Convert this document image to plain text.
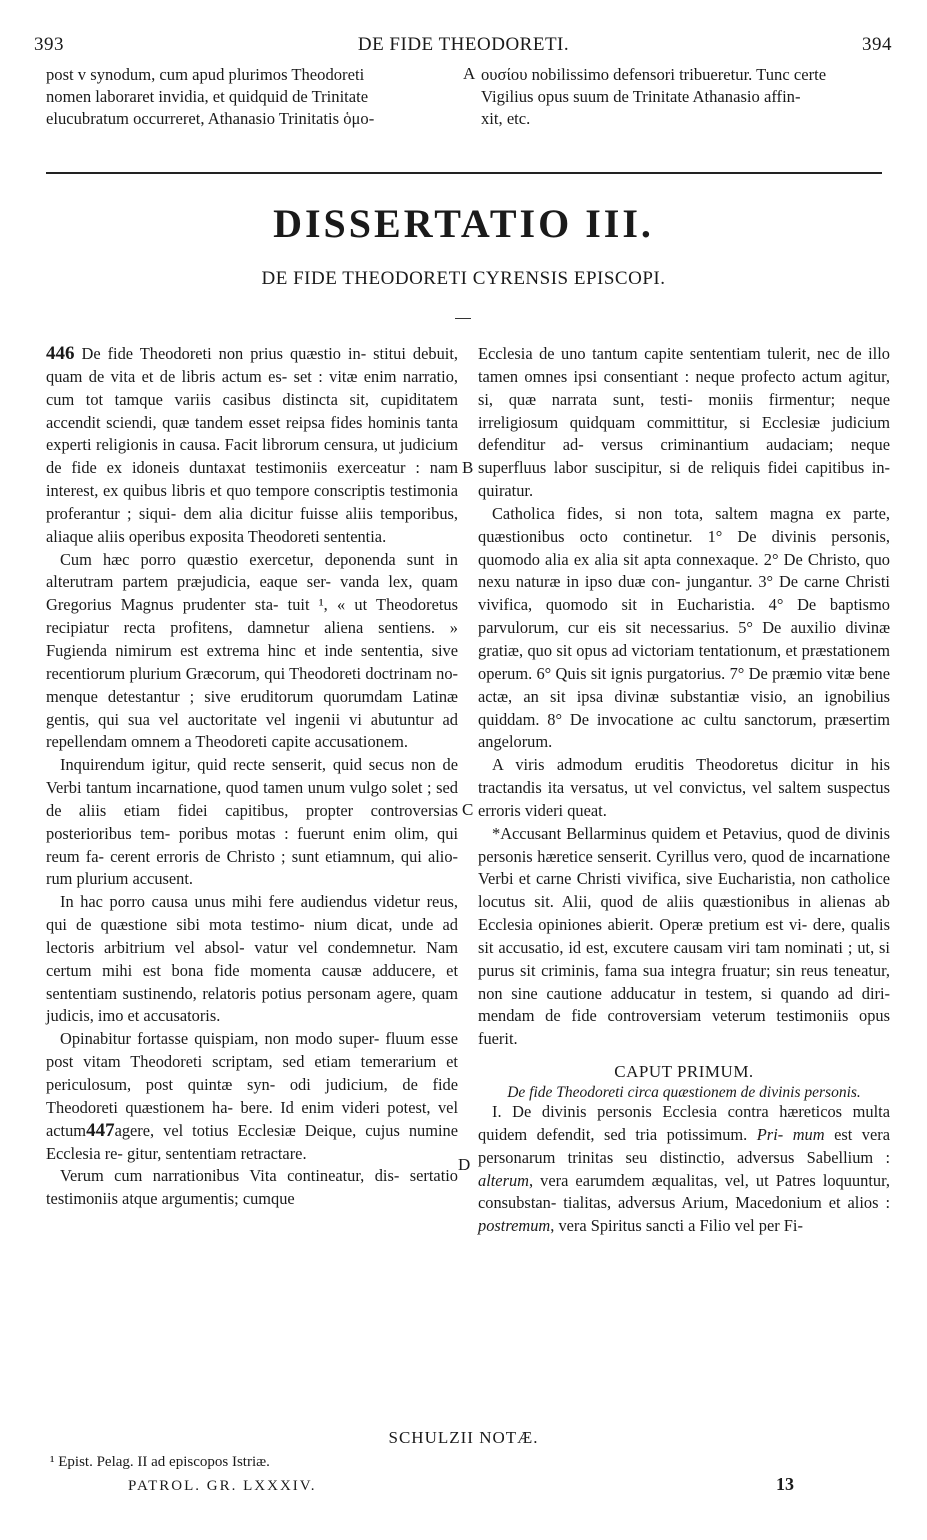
393	DE FIDE THEODORETI.	394

post v synodum, cum apud plurimos Theodoreti

nomen laboraret invidia, et quidquid de Trinitate

elucubratum occurreret, Athanasio Trinitatis ὁμο-

A ουσίου nobilissimo defensori tribueretur. Tunc certe

Vigilius opus suum de Trinitate Athanasio affin-

xit, etc.

DISSERTATIO III.
DE FIDE THEODORETI CYRENSIS EPISCOPI.

446 De fide Theodoreti non prius quæstio in- stitui debuit, quam de vita et de libris actum es- set : vitæ enim narratio, cum tot tamque variis casibus distincta sit, cupiditatem accendit sciendi, quæ tandem esset reipsa fides hominis tanta experti religionis in causa. Facit librorum censura, ut judicium de fide ex idoneis duntaxat testimoniis exerceatur : nam interest, ex quibus libris et quo tempore conscriptis testimonia proferantur ; siqui- dem alia dicitur fuisse aliis temporibus, aliaque aliis operibus exposita Theodoreti sententia.

Cum hæc porro quæstio exercetur, deponenda sunt in alterutram partem præjudicia, eaque ser- vanda lex, quam Gregorius Magnus prudenter sta- tuit ¹, « ut Theodoretus recipiatur recta profitens, damnetur aliena sentiens. » Fugienda nimirum est extrema hinc et inde sententia, sive recentiorum plurium Græcorum, qui Theodoreti doctrinam no- menque detestantur ; sive eruditorum quorumdam Latinæ gentis, qui sua vel auctoritate vel ingenii vi abutuntur ad repellendam omnem a Theodoreti capite accusationem.

Inquirendum igitur, quid recte senserit, quid secus non de Verbi tantum incarnatione, quod tamen unum vulgo solet ; sed de aliis etiam fidei capitibus, propter controversias posterioribus tem- poribus motas : fuerunt enim olim, qui reum fa- cerent erroris de Christo ; sunt etiamnum, qui alio- rum plurium accusent.

In hac porro causa unus mihi fere audiendus videtur reus, qui de quæstione sibi mota testimo- nium dicat, unde ad lectoris arbitrium vel absol- vatur vel condemnetur. Nam certum mihi est bona fide momenta causæ adducere, et sententiam sustinendo, relatoris potius personam agere, quam judicis, imo et accusatoris.

Opinabitur fortasse quispiam, non modo super- fluum esse post vitam Theodoreti scriptam, sed etiam temerarium et periculosum, post quintæ syn- odi judicium, de fide Theodoreti quæstionem ha- bere. Id enim videri potest, vel actum447agere, vel totius Ecclesiæ Deique, cujus numine Ecclesia re- gitur, sententiam retractare.

Verum cum narrationibus Vita contineatur, dis- sertatio testimoniis atque argumentis; cumque

B
C
D

Ecclesia de uno tantum capite sententiam tulerit, nec de illo tamen omnes ipsi consentiant : neque profecto actum agitur, si, quæ narrata sunt, testi- moniis firmentur; neque irreligiosum quidquam committitur, si Ecclesiæ judicium defenditur ad- versus criminantium audaciam; neque superfluus labor suscipitur, si de reliquis fidei capitibus in- quiratur.

Catholica fides, si non tota, saltem magna ex parte, quæstionibus octo continetur. 1° De divinis personis, quomodo alia ex alia sit apta connexaque. 2° De Christo, quo nexu naturæ in ipso duæ con- jungantur. 3° De carne Christi vivifica, quomodo sit in Eucharistia. 4° De baptismo parvulorum, cur eis sit necessarius. 5° De auxilio divinæ gratiæ, quo sit opus ad victoriam tentationum, et præstationem operum. 6° Quis sit ignis purgatorius. 7° De præmio vitæ bene actæ, an sit ipsa divinæ substantiæ visio, an ignobilius quiddam. 8° De invocatione ac cultu sanctorum, præsertim angelorum.

A viris admodum eruditis Theodoretus dicitur in his tractandis ita versatus, ut vel convictus, vel saltem suspectus erroris videri queat.

*Accusant Bellarminus quidem et Petavius, quod de divinis personis hæretice senserit. Cyrillus vero, quod de incarnatione Verbi et carne Christi vivifica, sive Eucharistia, non catholice locutus sit. Alii, quod de aliis quæstionibus in alienas ab Ecclesia opiniones abierit. Operæ pretium est vi- dere, qualis sit accusatio, id est, excutere causam viri tam nominati ; ut, si purus sit criminis, fama sua integra fruatur; sin reus teneatur, non sine cautione adducatur in testem, si quando ad diri- mendam de fide controversiam veterum testimoniis opus fuerit.

CAPUT PRIMUM.

De fide Theodoreti circa quæstionem de divinis personis.

I. De divinis personis Ecclesia contra hæreticos multa quidem defendit, sed tria potissimum. Pri- mum est vera personarum trinitas seu distinctio, adversus Sabellium : alterum, vera earumdem æqualitas, vel, ut Patres loquuntur, consubstan- tialitas, adversus Arium, Macedonium et alios : postremum, vera Spiritus sancti a Filio vel per Fi-

SCHULZII NOTÆ.
¹ Epist. Pelag. II ad episcopos Istriæ.
PATROL. GR. LXXXIV.	13
